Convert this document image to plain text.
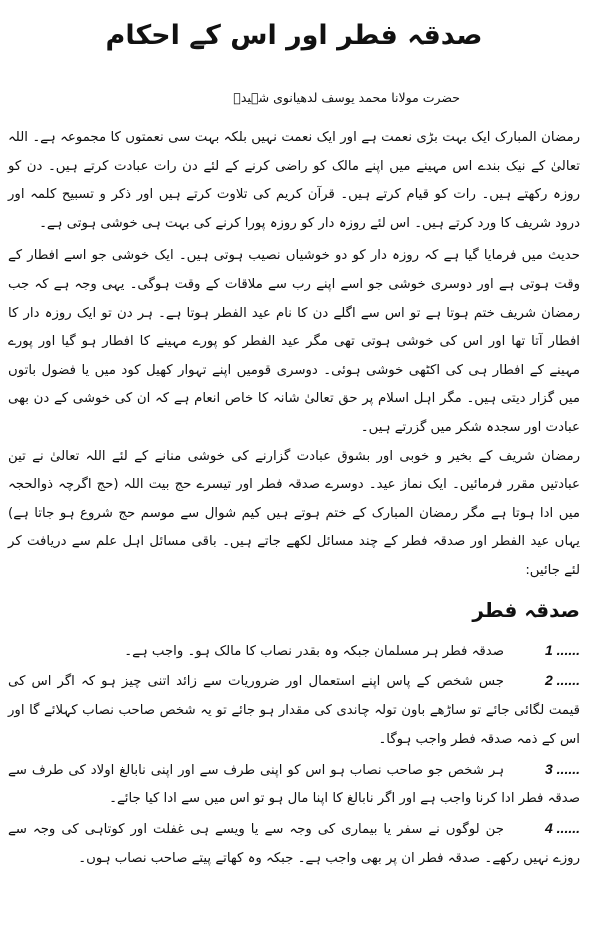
صدقہ فطر اور اس کے احکام
حضرت مولانا محمد یوسف لدھیانوی شہیدؒ

رمضان المبارک ایک بہت بڑی نعمت ہے اور ایک نعمت نہیں بلکہ بہت سی نعمتوں کا مجموعہ ہے۔ اللہ تعالیٰ کے نیک بندے اس مہینے میں اپنے مالک کو راضی کرنے کے لئے دن رات عبادت کرتے ہیں۔ دن کو روزہ رکھتے ہیں۔ رات کو قیام کرتے ہیں۔ قرآن کریم کی تلاوت کرتے ہیں اور ذکر و تسبیح کلمہ اور درود شریف کا ورد کرتے ہیں۔ اس لئے روزہ دار کو روزہ پورا کرنے کی بہت ہی خوشی ہوتی ہے۔

حدیث میں فرمایا گیا ہے کہ روزہ دار کو دو خوشیاں نصیب ہوتی ہیں۔ ایک خوشی جو اسے افطار کے وقت ہوتی ہے اور دوسری خوشی جو اسے اپنے رب سے ملاقات کے وقت ہوگی۔ یہی وجہ ہے کہ جب رمضان شریف ختم ہوتا ہے تو اس سے اگلے دن کا نام عید الفطر ہوتا ہے۔ ہر دن تو ایک روزہ دار کا افطار آتا تھا اور اس کی خوشی ہوتی تھی مگر عید الفطر کو پورے مہینے کا افطار ہو گیا اور پورے مہینے کے افطار ہی کی اکٹھی خوشی ہوئی۔ دوسری قومیں اپنے تہوار کھیل کود میں یا فضول باتوں میں گزار دیتی ہیں۔ مگر اہل اسلام پر حق تعالیٰ شانہ کا خاص انعام ہے کہ ان کی خوشی کے دن بھی عبادت اور سجدہ شکر میں گزرتے ہیں۔

رمضان شریف کے بخیر و خوبی اور بشوق عبادت گزارنے کی خوشی منانے کے لئے اللہ تعالیٰ نے تین عبادتیں مقرر فرمائیں۔ ایک نماز عید۔ دوسرے صدقہ فطر اور تیسرے حج بیت اللہ (حج اگرچہ ذوالحجہ میں ادا ہوتا ہے مگر رمضان المبارک کے ختم ہوتے ہیں کیم شوال سے موسم حج شروع ہو جاتا ہے) یہاں عید الفطر اور صدقہ فطر کے چند مسائل لکھے جاتے ہیں۔ باقی مسائل اہل علم سے دریافت کر لئے جائیں:

صدقہ فطر
1 ......صدقہ فطر ہر مسلمان جبکہ وہ بقدر نصاب کا مالک ہو۔ واجب ہے۔
2 ......جس شخص کے پاس اپنے استعمال اور ضروریات سے زائد اتنی چیز ہو کہ اگر اس کی قیمت لگائی جائے تو ساڑھے باون تولہ چاندی کی مقدار ہو جائے تو یہ شخص صاحب نصاب کہلائے گا اور اس کے ذمہ صدقہ فطر واجب ہوگا۔
3 ......ہر شخص جو صاحب نصاب ہو اس کو اپنی طرف سے اور اپنی نابالغ اولاد کی طرف سے صدقہ فطر ادا کرنا واجب ہے اور اگر نابالغ کا اپنا مال ہو تو اس میں سے ادا کیا جائے۔
4 ......جن لوگوں نے سفر یا بیماری کی وجہ سے یا ویسے ہی غفلت اور کوتاہی کی وجہ سے روزے نہیں رکھے۔ صدقہ فطر ان پر بھی واجب ہے۔ جبکہ وہ کھاتے پیتے صاحب نصاب ہوں۔
